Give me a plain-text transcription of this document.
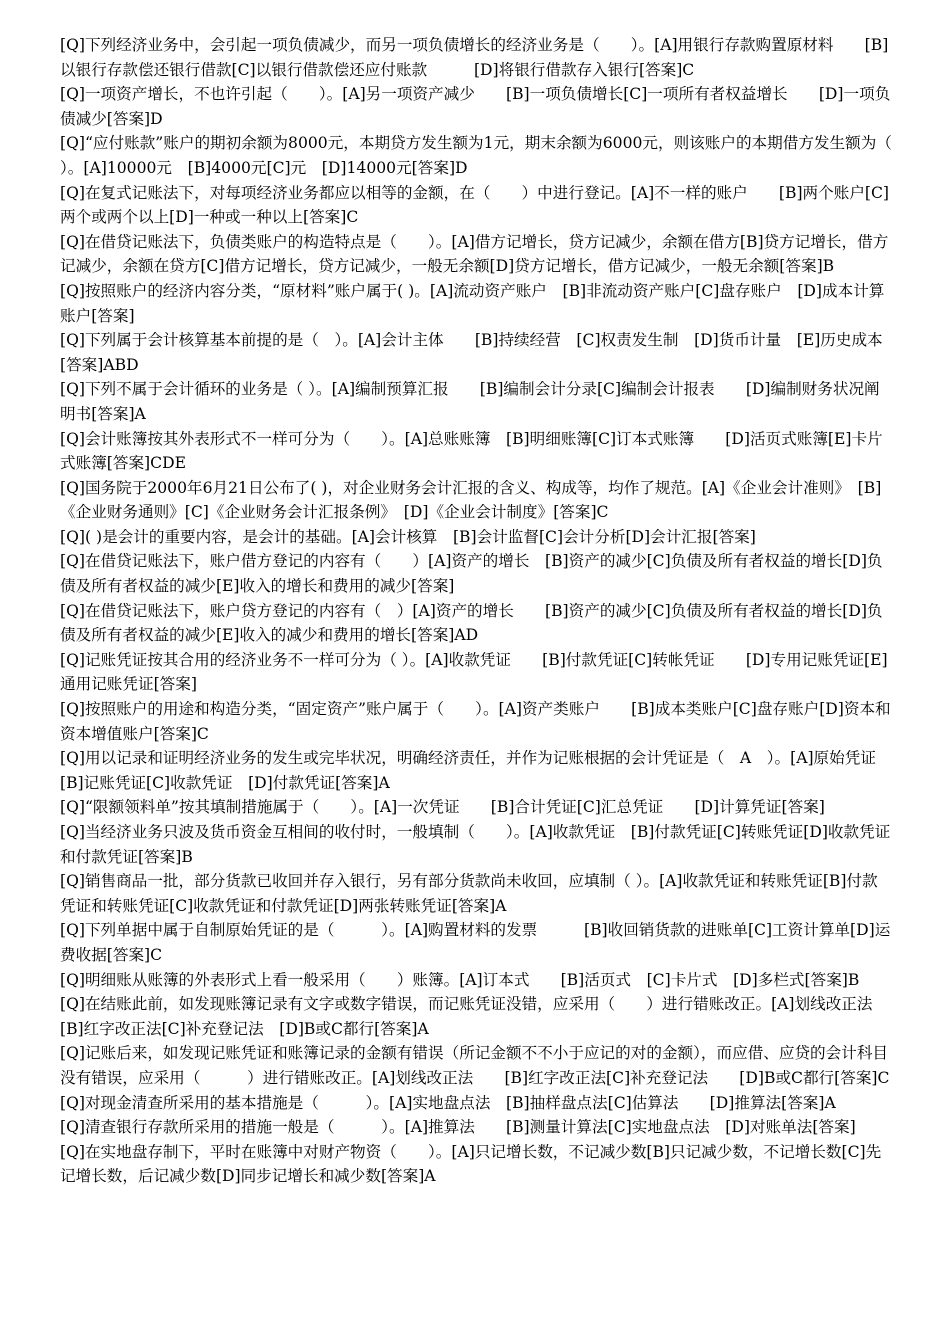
[Q]下列经济业务中，会引起一项负债减少，而另一项负债增长的经济业务是（　　）。[A]用银行存款购置原材料　　[B]以银行存款偿还银行借款[C]以银行借款偿还应付账款　　　[D]将银行借款存入银行[答案]C

[Q]一项资产增长，不也许引起（　　）。[A]另一项资产减少　　[B]一项负债增长[C]一项所有者权益增长　　[D]一项负债减少[答案]D

[Q]“应付账款”账户的期初余额为8000元，本期贷方发生额为1元，期末余额为6000元，则该账户的本期借方发生额为（　　　）。[A]10000元　[B]4000元[C]元　[D]14000元[答案]D

[Q]在复式记账法下，对每项经济业务都应以相等的金额，在（　　）中进行登记。[A]不一样的账户　　[B]两个账户[C]两个或两个以上[D]一种或一种以上[答案]C

[Q]在借贷记账法下，负债类账户的构造特点是（　　）。[A]借方记增长，贷方记减少，余额在借方[B]贷方记增长，借方记减少，余额在贷方[C]借方记增长，贷方记减少，一般无余额[D]贷方记增长，借方记减少，一般无余额[答案]B

[Q]按照账户的经济内容分类，“原材料”账户属于( )。[A]流动资产账户　[B]非流动资产账户[C]盘存账户　[D]成本计算账户[答案]

[Q]下列属于会计核算基本前提的是（　）。[A]会计主体　　[B]持续经营　[C]权责发生制　[D]货币计量　[E]历史成本[答案]ABD

[Q]下列不属于会计循环的业务是（ ）。[A]编制预算汇报　　[B]编制会计分录[C]编制会计报表　　[D]编制财务状况阐明书[答案]A

[Q]会计账簿按其外表形式不一样可分为（　　）。[A]总账账簿　[B]明细账簿[C]订本式账簿　　[D]活页式账簿[E]卡片式账簿[答案]CDE

[Q]国务院于2000年6月21日公布了( )，对企业财务会计汇报的含义、构成等，均作了规范。[A]《企业会计准则》　[B]《企业财务通则》[C]《企业财务会计汇报条例》　[D]《企业会计制度》[答案]C

[Q]( )是会计的重要内容，是会计的基础。[A]会计核算　[B]会计监督[C]会计分析[D]会计汇报[答案]

[Q]在借贷记账法下，账户借方登记的内容有（　　）[A]资产的增长　[B]资产的减少[C]负债及所有者权益的增长[D]负债及所有者权益的减少[E]收入的增长和费用的减少[答案]

[Q]在借贷记账法下，账户贷方登记的内容有（　）[A]资产的增长　　[B]资产的减少[C]负债及所有者权益的增长[D]负债及所有者权益的减少[E]收入的减少和费用的增长[答案]AD

[Q]记账凭证按其合用的经济业务不一样可分为（ ）。[A]收款凭证　　[B]付款凭证[C]转帐凭证　　[D]专用记账凭证[E]通用记账凭证[答案]

[Q]按照账户的用途和构造分类，“固定资产”账户属于（　　）。[A]资产类账户　　[B]成本类账户[C]盘存账户[D]资本和资本增值账户[答案]C

[Q]用以记录和证明经济业务的发生或完毕状况，明确经济责任，并作为记账根据的会计凭证是（　A　）。[A]原始凭证　[B]记账凭证[C]收款凭证　[D]付款凭证[答案]A

[Q]“限额领料单”按其填制措施属于（　　）。[A]一次凭证　　[B]合计凭证[C]汇总凭证　　[D]计算凭证[答案]

[Q]当经济业务只波及货币资金互相间的收付时，一般填制（　　）。[A]收款凭证　[B]付款凭证[C]转账凭证[D]收款凭证和付款凭证[答案]B

[Q]销售商品一批，部分货款已收回并存入银行，另有部分货款尚未收回，应填制（ ）。[A]收款凭证和转账凭证[B]付款凭证和转账凭证[C]收款凭证和付款凭证[D]两张转账凭证[答案]A

[Q]下列单据中属于自制原始凭证的是（　　　）。[A]购置材料的发票　　　[B]收回销货款的进账单[C]工资计算单[D]运费收据[答案]C

[Q]明细账从账簿的外表形式上看一般采用（　　）账簿。[A]订本式　　[B]活页式　[C]卡片式　[D]多栏式[答案]B

[Q]在结账此前，如发现账簿记录有文字或数字错误，而记账凭证没错，应采用（　　）进行错账改正。[A]划线改正法　　[B]红字改正法[C]补充登记法　[D]B或C都行[答案]A

[Q]记账后来，如发现记账凭证和账簿记录的金额有错误（所记金额不不小于应记的对的金额），而应借、应贷的会计科目没有错误，应采用（　　　）进行错账改正。[A]划线改正法　　[B]红字改正法[C]补充登记法　　[D]B或C都行[答案]C

[Q]对现金清查所采用的基本措施是（　　　）。[A]实地盘点法　[B]抽样盘点法[C]估算法　　[D]推算法[答案]A

[Q]清查银行存款所采用的措施一般是（　　　）。[A]推算法　　[B]测量计算法[C]实地盘点法　[D]对账单法[答案]

[Q]在实地盘存制下，平时在账簿中对财产物资（　　）。[A]只记增长数，不记减少数[B]只记减少数，不记增长数[C]先记增长数，后记减少数[D]同步记增长和减少数[答案]A
